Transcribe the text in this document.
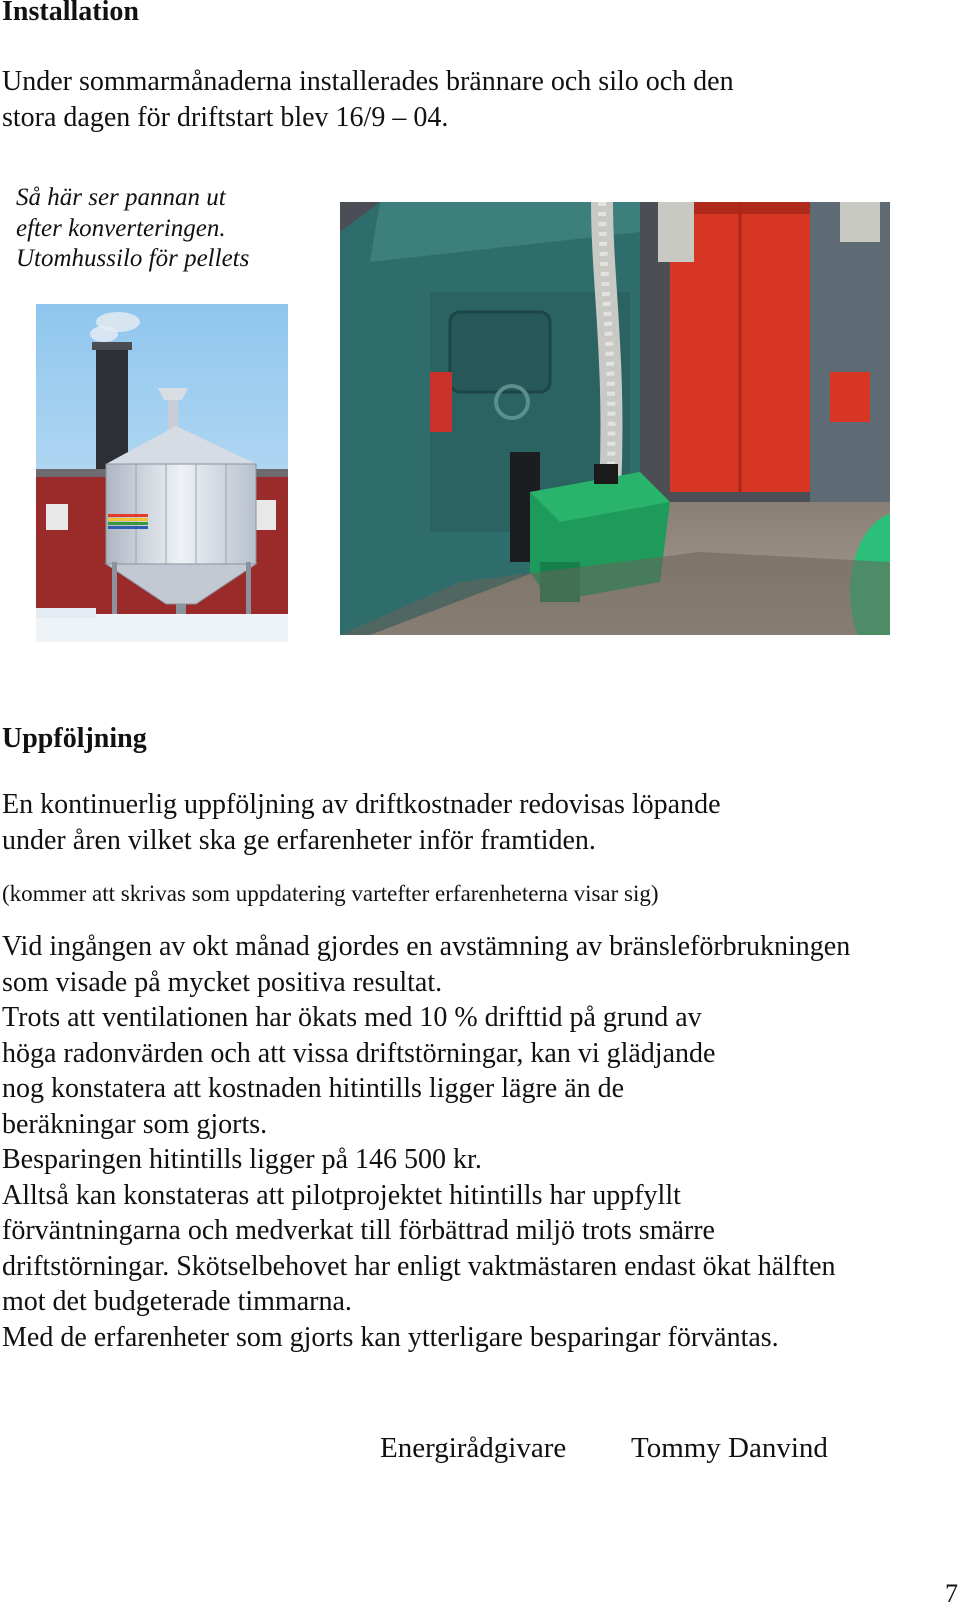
Installation
Under sommarmånaderna installerades brännare och silo och den
stora dagen för driftstart blev 16/9 – 04.
Så här ser pannan ut
efter konverteringen.
Utomhussilo för pellets
Uppföljning
En kontinuerlig uppföljning av driftkostnader redovisas löpande
under åren vilket ska ge erfarenheter inför framtiden.
(kommer att skrivas som uppdatering vartefter erfarenheterna visar sig)
Vid ingången av okt månad gjordes en avstämning av bränsleförbrukningen
som visade på mycket positiva resultat.
Trots att ventilationen har ökats med 10 % drifttid på grund av
höga radonvärden och att vissa driftstörningar, kan vi glädjande
nog konstatera att kostnaden hitintills ligger lägre än de
beräkningar som gjorts.
Besparingen hitintills ligger på 146 500 kr.
Alltså kan konstateras att pilotprojektet hitintills har uppfyllt
förväntningarna och medverkat till förbättrad miljö trots smärre
driftstörningar. Skötselbehovet har enligt vaktmästaren endast ökat hälften
mot det budgeterade timmarna.
Med de erfarenheter som gjorts kan ytterligare besparingar förväntas.
Energirådgivare Tommy Danvind
7
